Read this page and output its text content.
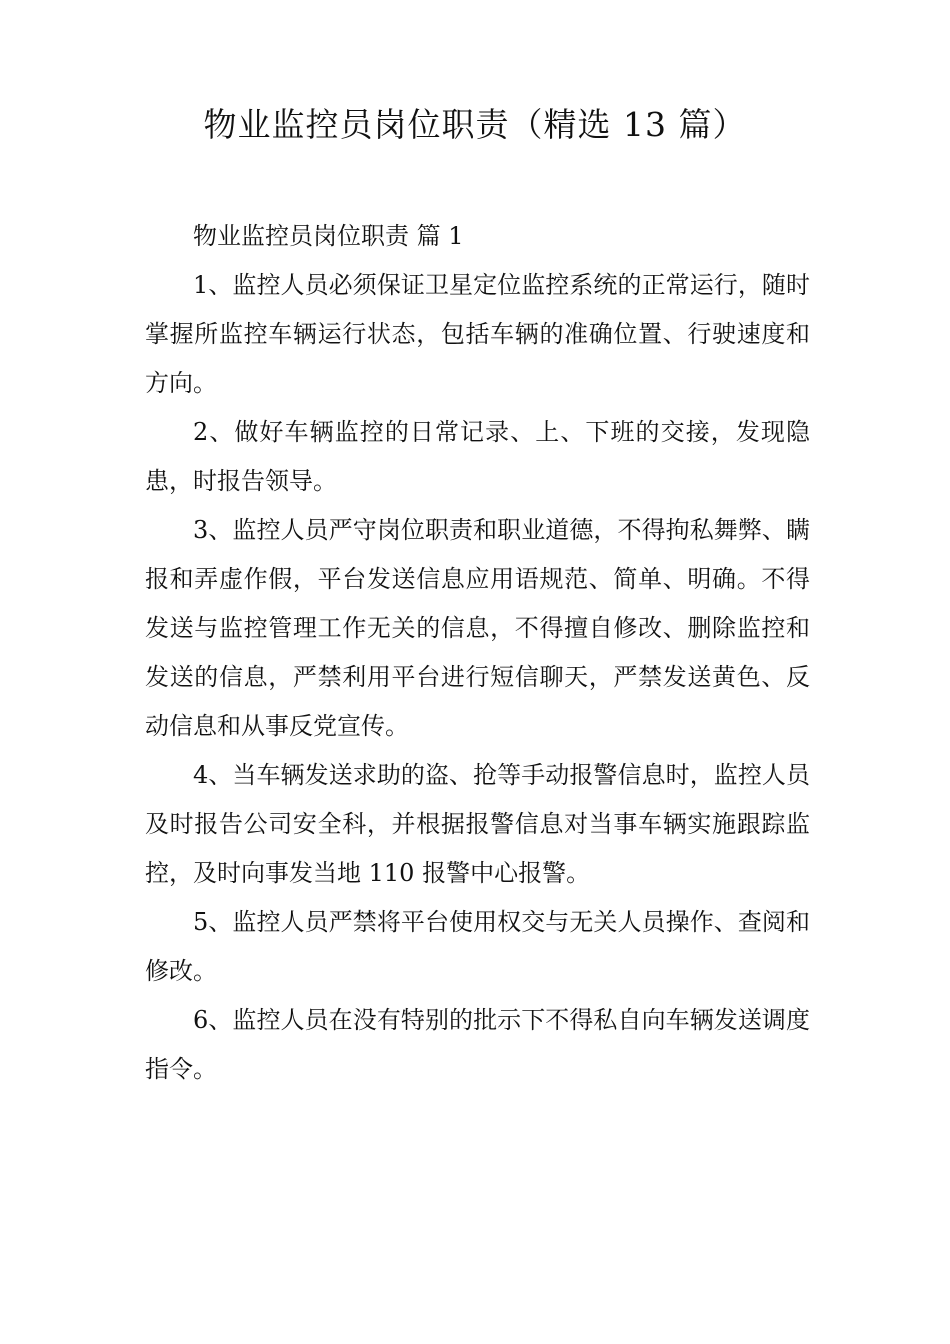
物业监控员岗位职责（精选 13 篇）

物业监控员岗位职责 篇 1

1、监控人员必须保证卫星定位监控系统的正常运行，随时掌握所监控车辆运行状态，包括车辆的准确位置、行驶速度和方向。

2、做好车辆监控的日常记录、上、下班的交接，发现隐患，时报告领导。

3、监控人员严守岗位职责和职业道德，不得拘私舞弊、瞒报和弄虚作假，平台发送信息应用语规范、简单、明确。不得发送与监控管理工作无关的信息，不得擅自修改、删除监控和发送的信息，严禁利用平台进行短信聊天，严禁发送黄色、反动信息和从事反党宣传。

4、当车辆发送求助的盗、抢等手动报警信息时，监控人员及时报告公司安全科，并根据报警信息对当事车辆实施跟踪监控，及时向事发当地 110 报警中心报警。

5、监控人员严禁将平台使用权交与无关人员操作、查阅和修改。

6、监控人员在没有特别的批示下不得私自向车辆发送调度指令。
